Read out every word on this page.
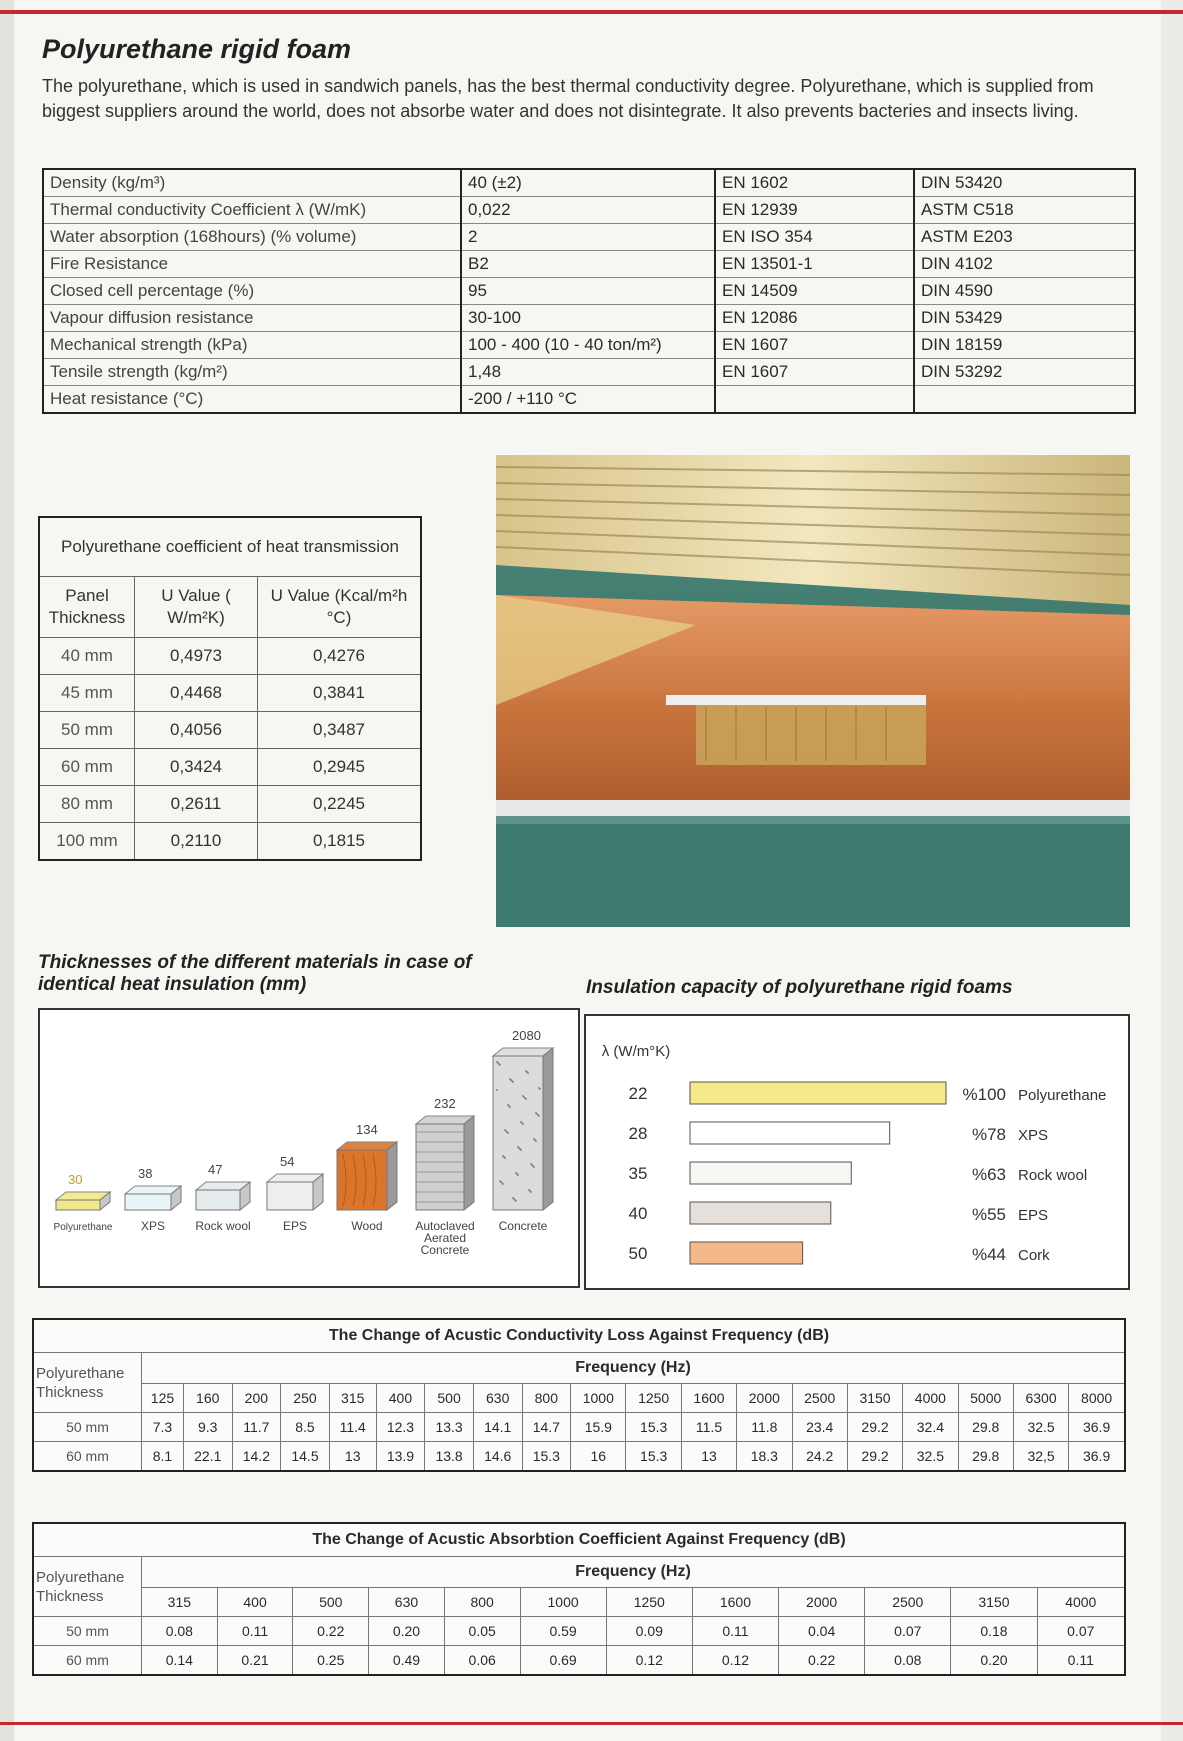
Polyurethane rigid foam
The polyurethane, which is used in sandwich panels, has the best thermal conductivity degree. Polyurethane, which is supplied from biggest suppliers around the world, does not absorbe water and does not disintegrate. It also prevents bacteries and insects living.
Density (kg/m³)	40 (±2)	EN 1602	DIN 53420
Thermal conductivity Coefficient λ (W/mK)	0,022	EN 12939	ASTM C518
Water absorption (168hours) (% volume)	2	EN ISO 354	ASTM E203
Fire Resistance	B2	EN 13501-1	DIN 4102
Closed cell percentage (%)	95	EN 14509	DIN 4590
Vapour diffusion resistance	30-100	EN 12086	DIN 53429
Mechanical strength (kPa)	100 - 400 (10 - 40 ton/m²)	EN 1607	DIN 18159
Tensile strength (kg/m²)	1,48	EN 1607	DIN 53292
Heat resistance (°C)	-200 / +110 °C		
Polyurethane coefficient of heat transmission		
Panel Thickness	U Value ( W/m²K)	U Value (Kcal/m²h °C)
40 mm	0,4973	0,4276
45 mm	0,4468	0,3841
50 mm	0,4056	0,3487
60 mm	0,3424	0,2945
80 mm	0,2611	0,2245
100 mm	0,2110	0,1815
Thicknesses of the different materials in case of
identical heat insulation (mm)
30
Polyurethane
38
XPS
47
Rock wool
54
EPS
134
Wood
232
Autoclaved
Aerated
Concrete
2080
Concrete
Insulation capacity of polyurethane rigid foams
λ (W/m°K)
22	%100 Polyurethane
28	%78 XPS
35	%63 Rock wool
40	%55 EPS
50	%44 Cork
The Change of Acustic Conductivity Loss Against Frequency (dB)																			
Polyurethane Thickness	Frequency (Hz)																		
	125	160	200	250	315	400	500	630	800	1000	1250	1600	2000	2500	3150	4000	5000	6300	8000
50 mm	7.3	9.3	11.7	8.5	11.4	12.3	13.3	14.1	14.7	15.9	15.3	11.5	11.8	23.4	29.2	32.4	29.8	32.5	36.9
60 mm	8.1	22.1	14.2	14.5	13	13.9	13.8	14.6	15.3	16	15.3	13	18.3	24.2	29.2	32.5	29.8	32,5	36.9
The Change of Acustic Absorbtion Coefficient Against Frequency (dB)												
Polyurethane Thickness	Frequency (Hz)											
	315	400	500	630	800	1000	1250	1600	2000	2500	3150	4000
50 mm	0.08	0.11	0.22	0.20	0.05	0.59	0.09	0.11	0.04	0.07	0.18	0.07
60 mm	0.14	0.21	0.25	0.49	0.06	0.69	0.12	0.12	0.22	0.08	0.20	0.11
